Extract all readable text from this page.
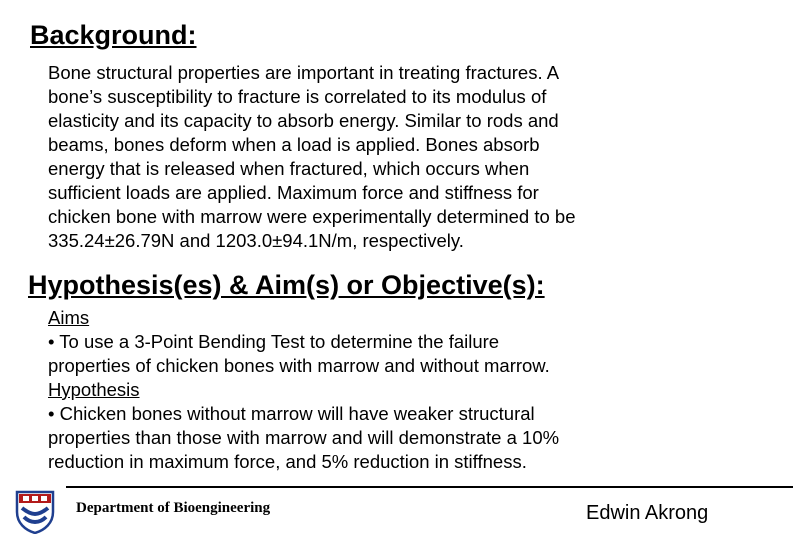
Background:

Bone structural properties are important in treating fractures. A
bone’s susceptibility to fracture is correlated to its modulus of
elasticity and its capacity to absorb energy. Similar to rods and
beams, bones deform when a load is applied. Bones absorb
energy that is released when fractured, which occurs when
sufficient loads are applied. Maximum force and stiffness for
chicken bone with marrow were experimentally determined to be
335.24±26.79N and 1203.0±94.1N/m, respectively.

Hypothesis(es) & Aim(s) or Objective(s):
Aims
• To use a 3-Point Bending Test to determine the failure
properties of chicken bones with marrow and without marrow.
Hypothesis
• Chicken bones without marrow will have weaker structural
properties than those with marrow and will demonstrate a 10%
reduction in maximum force, and 5% reduction in stiffness.
Department of Bioengineering	Edwin Akrong
